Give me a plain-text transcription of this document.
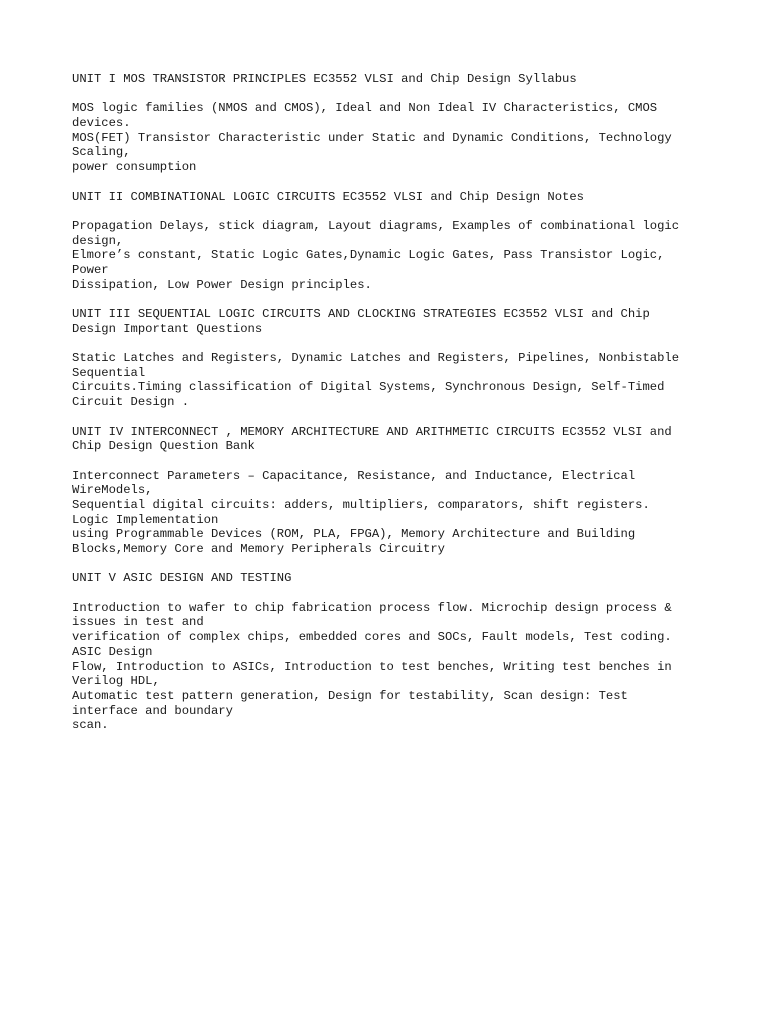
UNIT I MOS TRANSISTOR PRINCIPLES EC3552 VLSI and Chip Design Syllabus
MOS logic families (NMOS and CMOS), Ideal and Non Ideal IV Characteristics, CMOS
devices.
MOS(FET) Transistor Characteristic under Static and Dynamic Conditions, Technology
Scaling,
power consumption
UNIT II COMBINATIONAL LOGIC CIRCUITS EC3552 VLSI and Chip Design Notes
Propagation Delays, stick diagram, Layout diagrams, Examples of combinational logic
design,
Elmore’s constant, Static Logic Gates,Dynamic Logic Gates, Pass Transistor Logic,
Power
Dissipation, Low Power Design principles.
UNIT III SEQUENTIAL LOGIC CIRCUITS AND CLOCKING STRATEGIES EC3552 VLSI and Chip
Design Important Questions
Static Latches and Registers, Dynamic Latches and Registers, Pipelines, Nonbistable
Sequential
Circuits.Timing classification of Digital Systems, Synchronous Design, Self-Timed
Circuit Design .
UNIT IV INTERCONNECT , MEMORY ARCHITECTURE AND ARITHMETIC CIRCUITS EC3552 VLSI and
Chip Design Question Bank
Interconnect Parameters – Capacitance, Resistance, and Inductance, Electrical
WireModels,
Sequential digital circuits: adders, multipliers, comparators, shift registers.
Logic Implementation
using Programmable Devices (ROM, PLA, FPGA), Memory Architecture and Building
Blocks,Memory Core and Memory Peripherals Circuitry
UNIT V ASIC DESIGN AND TESTING
Introduction to wafer to chip fabrication process flow. Microchip design process &
issues in test and
verification of complex chips, embedded cores and SOCs, Fault models, Test coding.
ASIC Design
Flow, Introduction to ASICs, Introduction to test benches, Writing test benches in
Verilog HDL,
Automatic test pattern generation, Design for testability, Scan design: Test
interface and boundary
scan.
